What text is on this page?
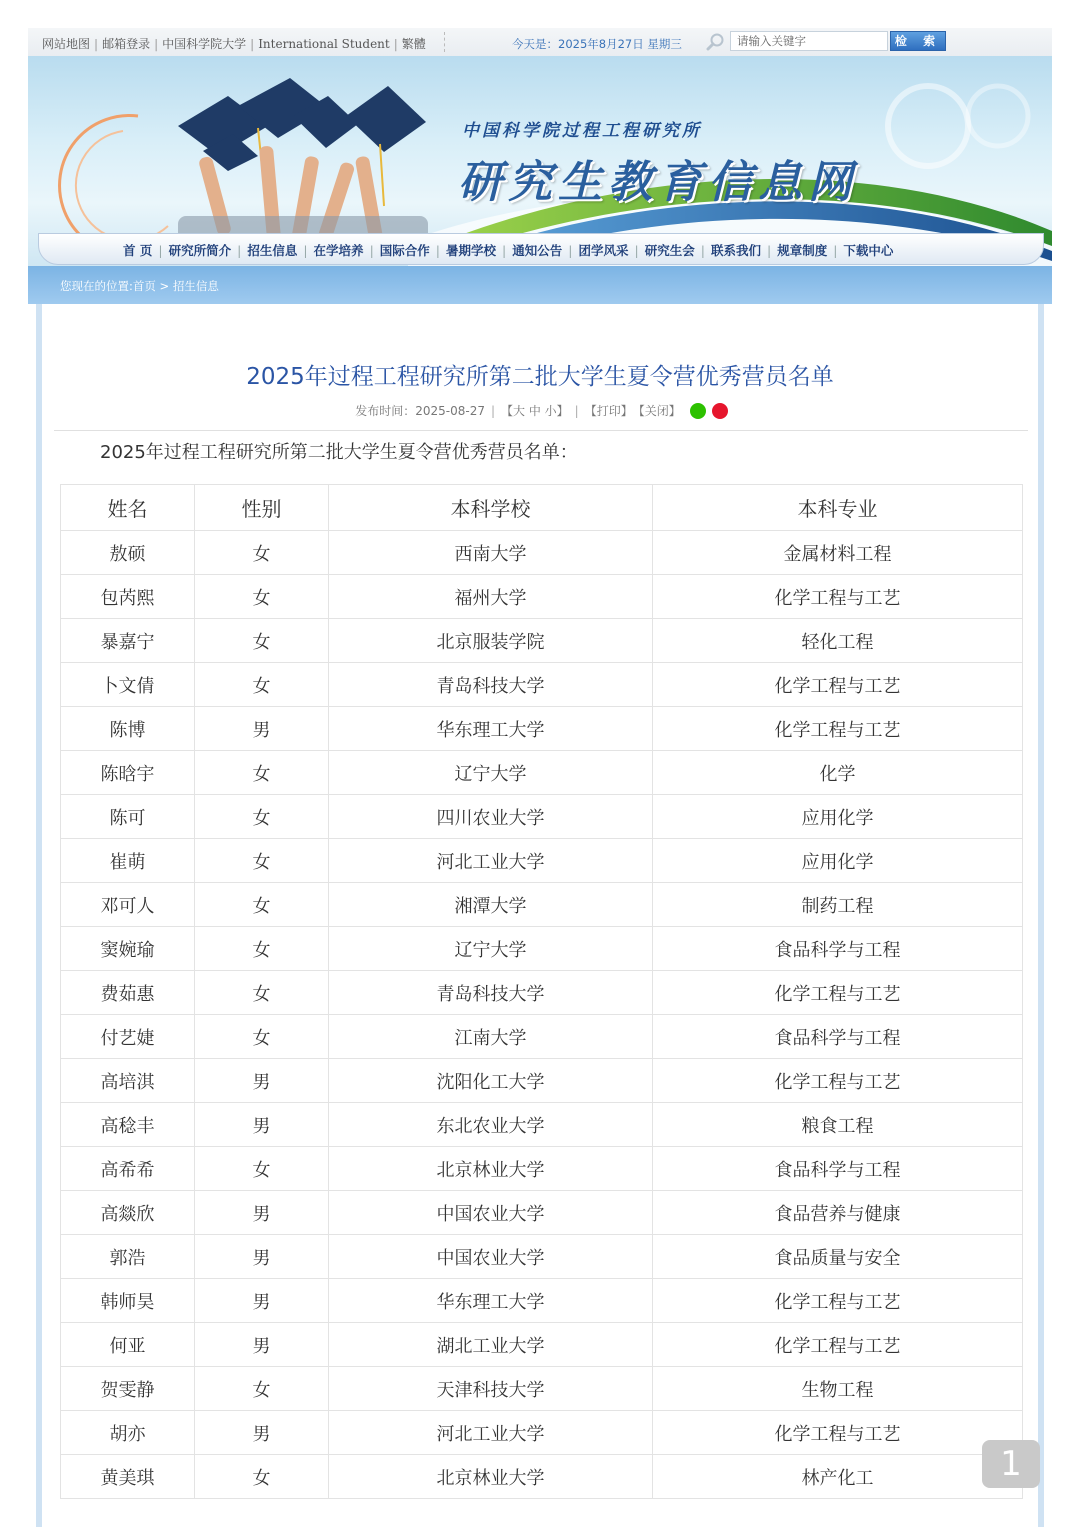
网站地图 | 邮箱登录 | 中国科学院大学 | International Student | 繁體	今天是：2025年8月27日 星期三	请输入关键字	检 索
中国科学院过程工程研究所
研究生教育信息网
首 页 | 研究所简介 | 招生信息 | 在学培养 | 国际合作 | 暑期学校 | 通知公告 | 团学风采 | 研究生会 | 联系我们 | 规章制度 | 下载中心
您现在的位置:首页 > 招生信息
2025年过程工程研究所第二批大学生夏令营优秀营员名单
发布时间：2025-08-27 | 【大 中 小】 | 【打印】 【关闭】
2025年过程工程研究所第二批大学生夏令营优秀营员名单：
姓名	性别	本科学校	本科专业
敖硕	女	西南大学	金属材料工程
包芮熙	女	福州大学	化学工程与工艺
暴嘉宁	女	北京服装学院	轻化工程
卜文倩	女	青岛科技大学	化学工程与工艺
陈博	男	华东理工大学	化学工程与工艺
陈晗宇	女	辽宁大学	化学
陈可	女	四川农业大学	应用化学
崔萌	女	河北工业大学	应用化学
邓可人	女	湘潭大学	制药工程
窦婉瑜	女	辽宁大学	食品科学与工程
费茹惠	女	青岛科技大学	化学工程与工艺
付艺婕	女	江南大学	食品科学与工程
高培淇	男	沈阳化工大学	化学工程与工艺
高稔丰	男	东北农业大学	粮食工程
高希希	女	北京林业大学	食品科学与工程
高燚欣	男	中国农业大学	食品营养与健康
郭浩	男	中国农业大学	食品质量与安全
韩师昊	男	华东理工大学	化学工程与工艺
何亚	男	湖北工业大学	化学工程与工艺
贺雯静	女	天津科技大学	生物工程
胡亦	男	河北工业大学	化学工程与工艺
黄美琪	女	北京林业大学	林产化工	1
